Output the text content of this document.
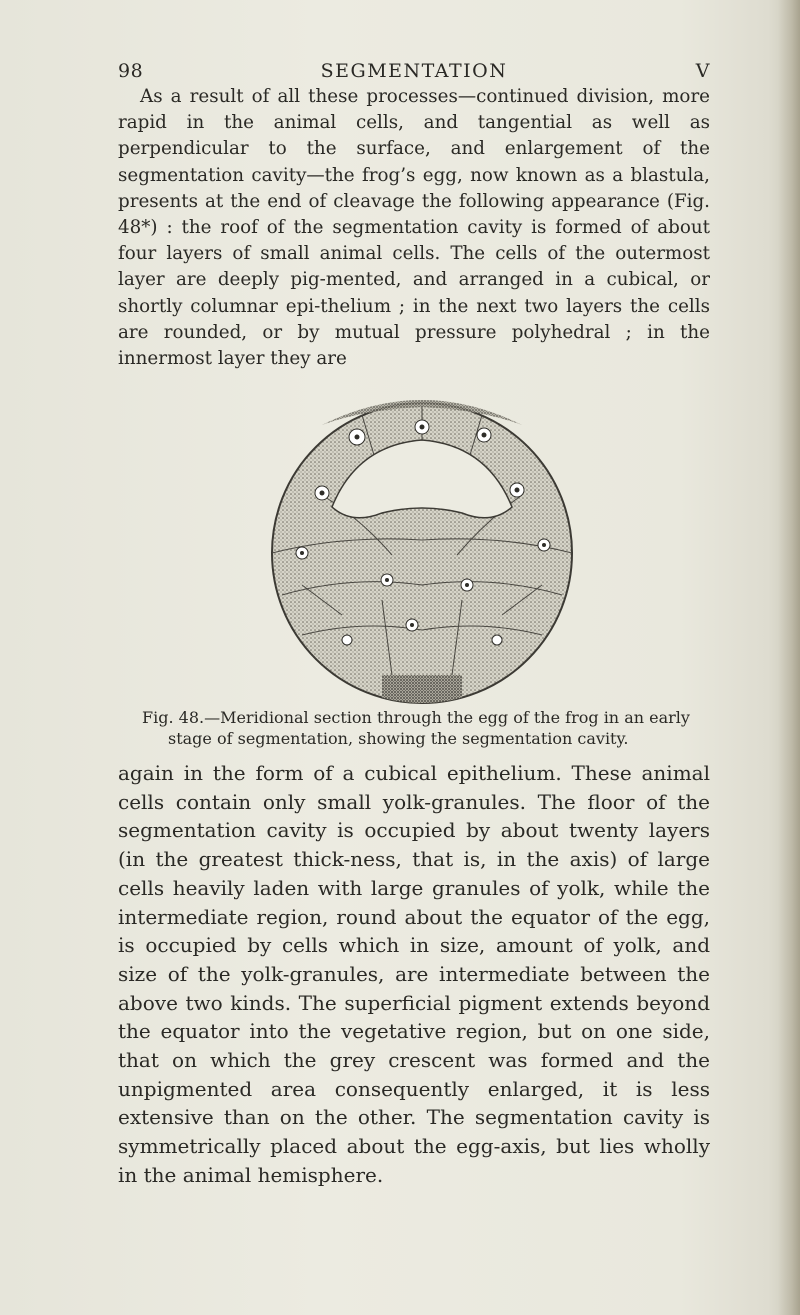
98	SEGMENTATION	V

As a result of all these processes—continued division, more rapid in the animal cells, and tangential as well as perpendicular to the surface, and enlargement of the segmentation cavity—the frog’s egg, now known as a blastula, presents at the end of cleavage the following appearance (Fig. 48*) : the roof of the segmentation cavity is formed of about four layers of small animal cells. The cells of the outermost layer are deeply pig-mented, and arranged in a cubical, or shortly columnar epi-thelium ; in the next two layers the cells are rounded, or by mutual pressure polyhedral ; in the innermost layer they are

Fig. 48.—Meridional section through the egg of the frog in an early
stage of segmentation, showing the segmentation cavity.

again in the form of a cubical epithelium. These animal cells contain only small yolk-granules. The floor of the segmentation cavity is occupied by about twenty layers (in the greatest thick-ness, that is, in the axis) of large cells heavily laden with large granules of yolk, while the intermediate region, round about the equator of the egg, is occupied by cells which in size, amount of yolk, and size of the yolk-granules, are intermediate between the above two kinds. The superficial pigment extends beyond the equator into the vegetative region, but on one side, that on which the grey crescent was formed and the unpigmented area consequently enlarged, it is less extensive than on the other. The segmentation cavity is symmetrically placed about the egg-axis, but lies wholly in the animal hemisphere.
